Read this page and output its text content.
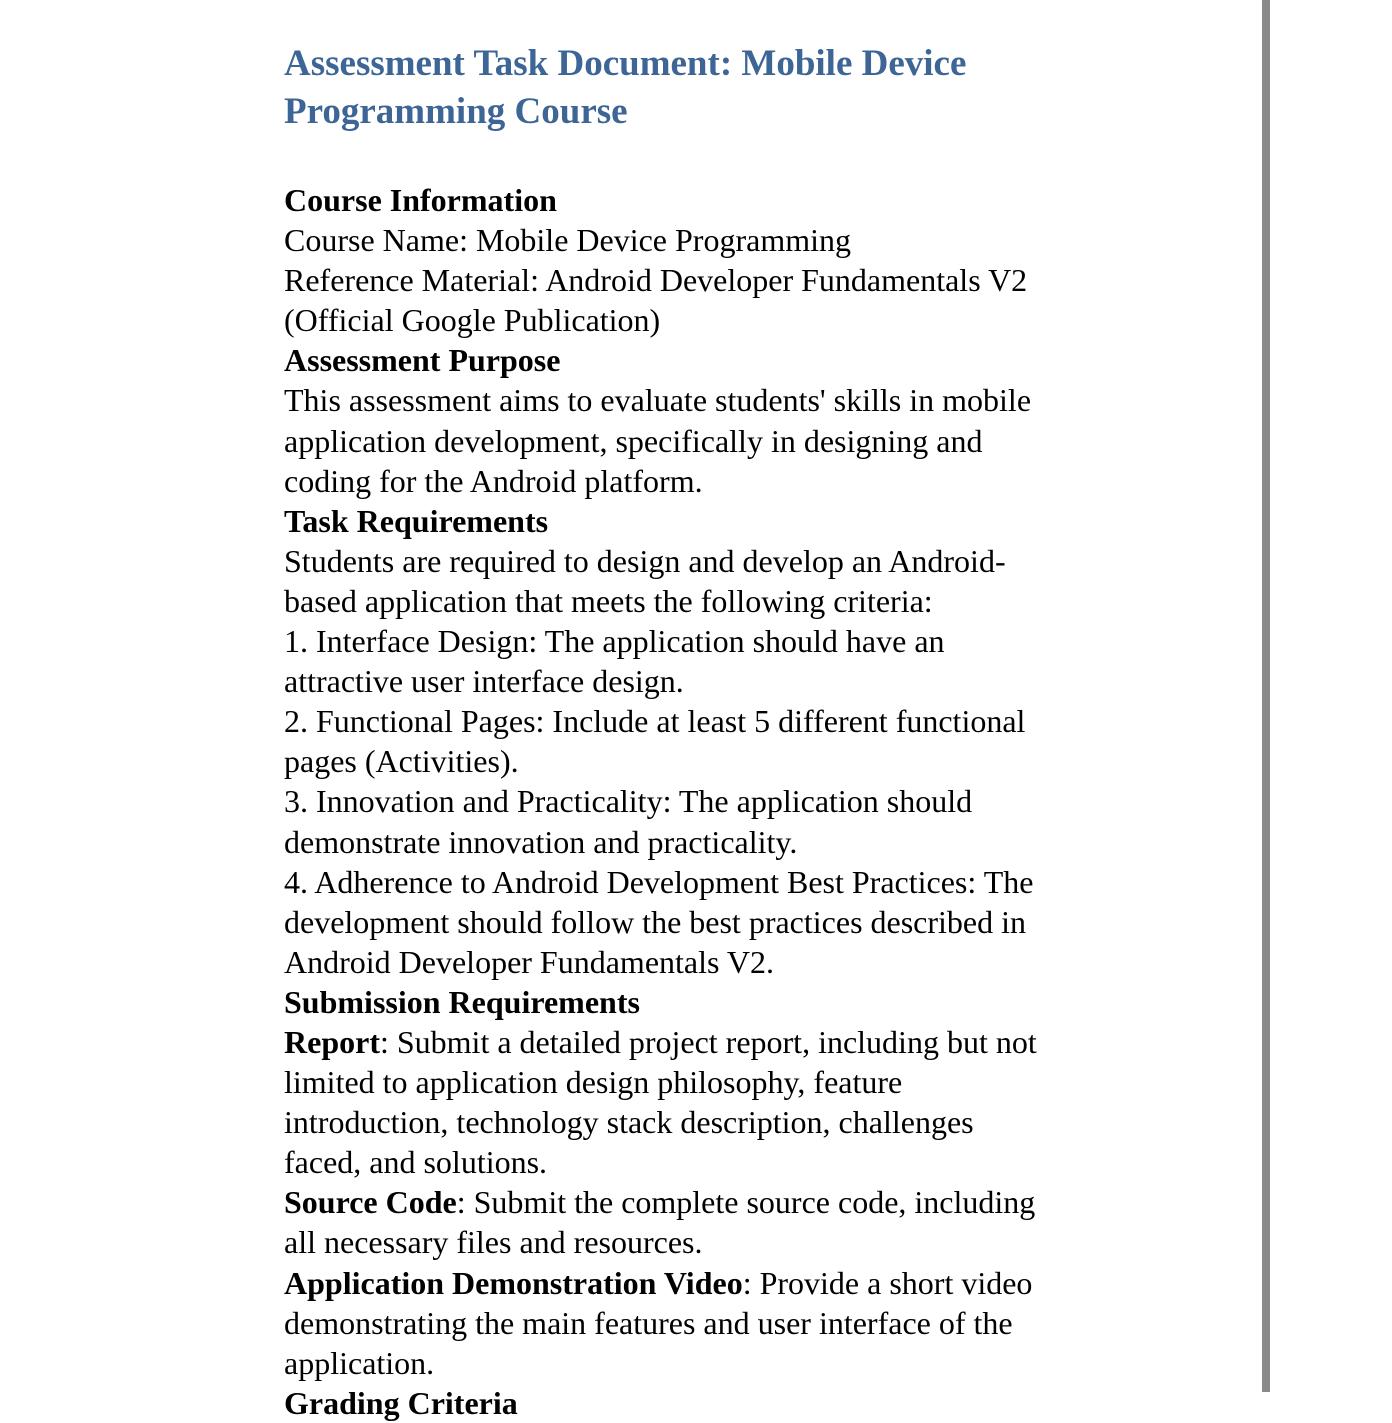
Assessment Task Document: Mobile Device
Programming Course
Course Information
Course Name: Mobile Device Programming
Reference Material: Android Developer Fundamentals V2
(Official Google Publication)
Assessment Purpose
This assessment aims to evaluate students' skills in mobile
application development, specifically in designing and
coding for the Android platform.
Task Requirements
Students are required to design and develop an Android-
based application that meets the following criteria:
1. Interface Design: The application should have an
attractive user interface design.
2. Functional Pages: Include at least 5 different functional
pages (Activities).
3. Innovation and Practicality: The application should
demonstrate innovation and practicality.
4. Adherence to Android Development Best Practices: The
development should follow the best practices described in
Android Developer Fundamentals V2.
Submission Requirements
Report: Submit a detailed project report, including but not
limited to application design philosophy, feature
introduction, technology stack description, challenges
faced, and solutions.
Source Code: Submit the complete source code, including
all necessary files and resources.
Application Demonstration Video: Provide a short video
demonstrating the main features and user interface of the
application.
Grading Criteria
